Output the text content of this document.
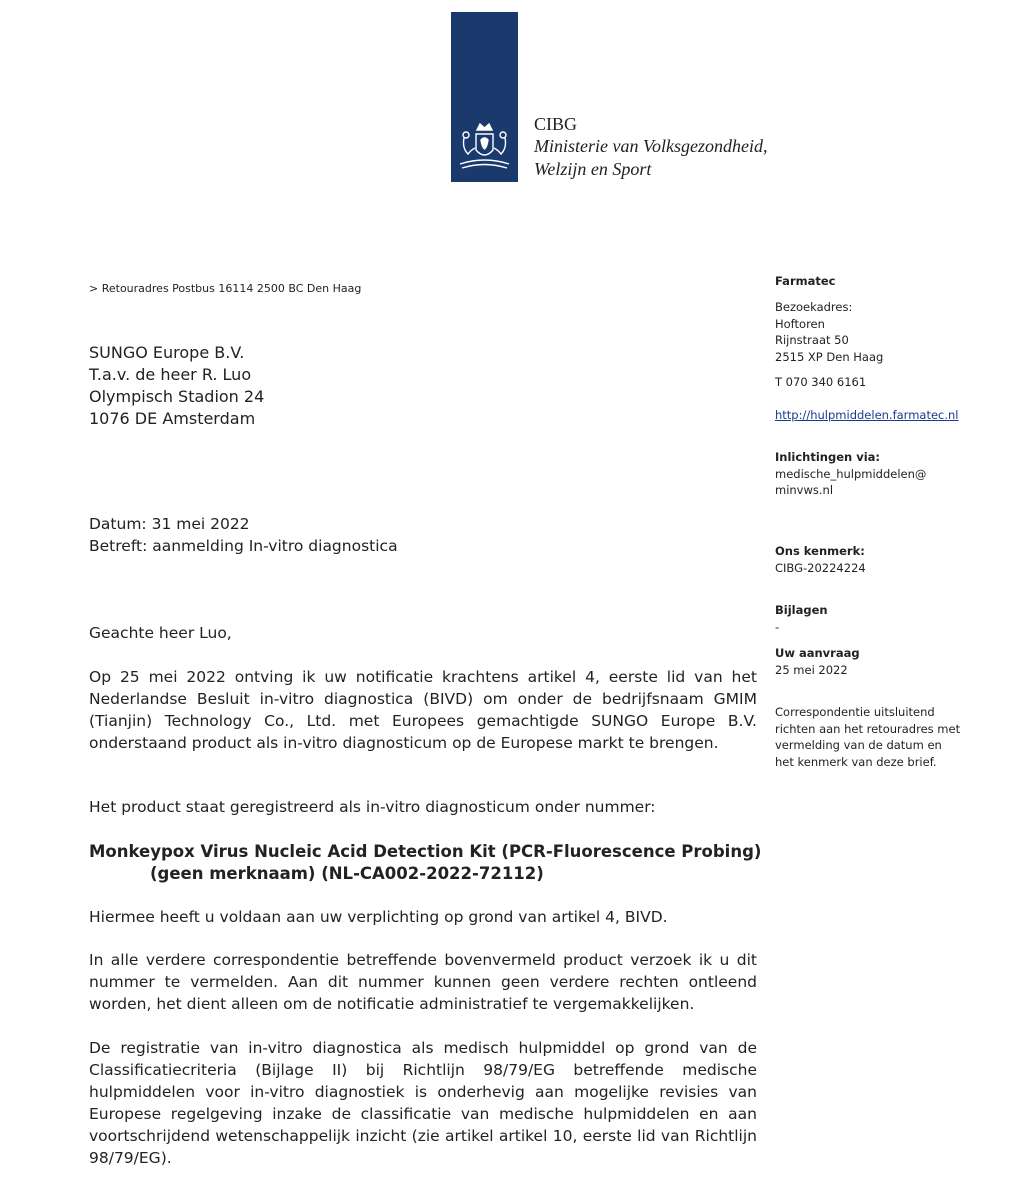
CIBG
Ministerie van Volksgezondheid,
Welzijn en Sport
> Retouradres Postbus 16114 2500 BC Den Haag
SUNGO Europe B.V.
T.a.v. de heer R. Luo
Olympisch Stadion 24
1076 DE Amsterdam
Datum: 31 mei 2022
Betreft: aanmelding In-vitro diagnostica
Geachte heer Luo,

Op 25 mei 2022 ontving ik uw notificatie krachtens artikel 4, eerste lid van het Nederlandse Besluit in-vitro diagnostica (BIVD) om onder de bedrijfsnaam GMIM (Tianjin) Technology Co., Ltd. met Europees gemachtigde SUNGO Europe B.V. onderstaand product als in-vitro diagnosticum op de Europese markt te brengen.

Het product staat geregistreerd als in-vitro diagnosticum onder nummer:

Monkeypox Virus Nucleic Acid Detection Kit (PCR-Fluorescence Probing)
(geen merknaam) (NL-CA002-2022-72112)

Hiermee heeft u voldaan aan uw verplichting op grond van artikel 4, BIVD.

In alle verdere correspondentie betreffende bovenvermeld product verzoek ik u dit nummer te vermelden. Aan dit nummer kunnen geen verdere rechten ontleend worden, het dient alleen om de notificatie administratief te vergemakkelijken.

De registratie van in-vitro diagnostica als medisch hulpmiddel op grond van de Classificatiecriteria (Bijlage II) bij Richtlijn 98/79/EG betreffende medische hulpmiddelen voor in-vitro diagnostiek is onderhevig aan mogelijke revisies van Europese regelgeving inzake de classificatie van medische hulpmiddelen en aan voortschrijdend wetenschappelijk inzicht (zie artikel artikel 10, eerste lid van Richtlijn 98/79/EG).

Farmatec
Bezoekadres:
Hoftoren
Rijnstraat 50
2515 XP Den Haag
T 070 340 6161
http://hulpmiddelen.farmatec.nl
Inlichtingen via:
medische_hulpmiddelen@
minvws.nl
Ons kenmerk:
CIBG-20224224
Bijlagen
-
Uw aanvraag
25 mei 2022
Correspondentie uitsluitend
richten aan het retouradres met
vermelding van de datum en
het kenmerk van deze brief.
